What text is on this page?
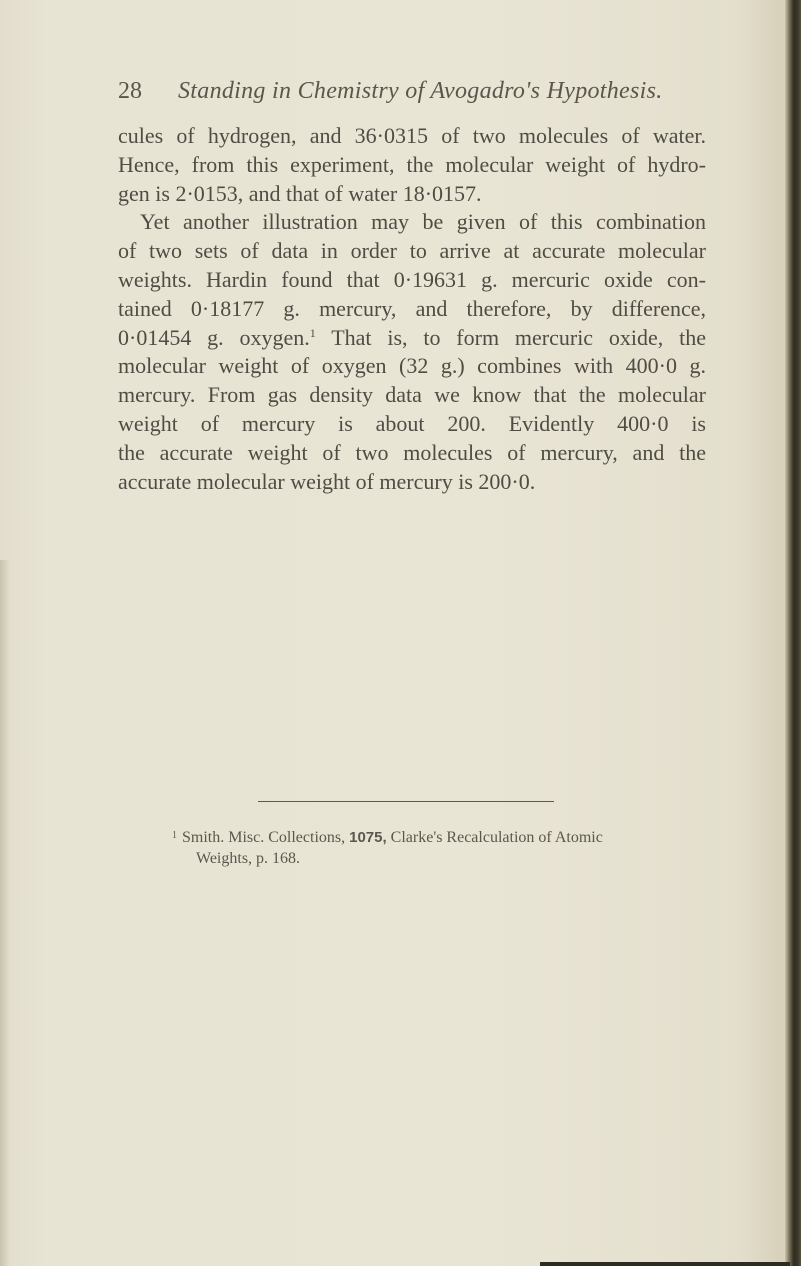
28 Standing in Chemistry of Avogadro's Hypothesis.
cules of hydrogen, and 36·0315 of two molecules of water.
Hence, from this experiment, the molecular weight of hydro-
gen is 2·0153, and that of water 18·0157.
Yet another illustration may be given of this combination
of two sets of data in order to arrive at accurate molecular
weights. Hardin found that 0·19631 g. mercuric oxide con-
tained 0·18177 g. mercury, and therefore, by difference,
0·01454 g. oxygen.$^1$ That is, to form mercuric oxide, the
molecular weight of oxygen (32 g.) combines with 400·0 g.
mercury. From gas density data we know that the molecular
weight of mercury is about 200. Evidently 400·0 is
the accurate weight of two molecules of mercury, and the
accurate molecular weight of mercury is 200·0.
$^1$ Smith. Misc. Collections, 1075, Clarke's Recalculation of Atomic
Weights, p. 168.
